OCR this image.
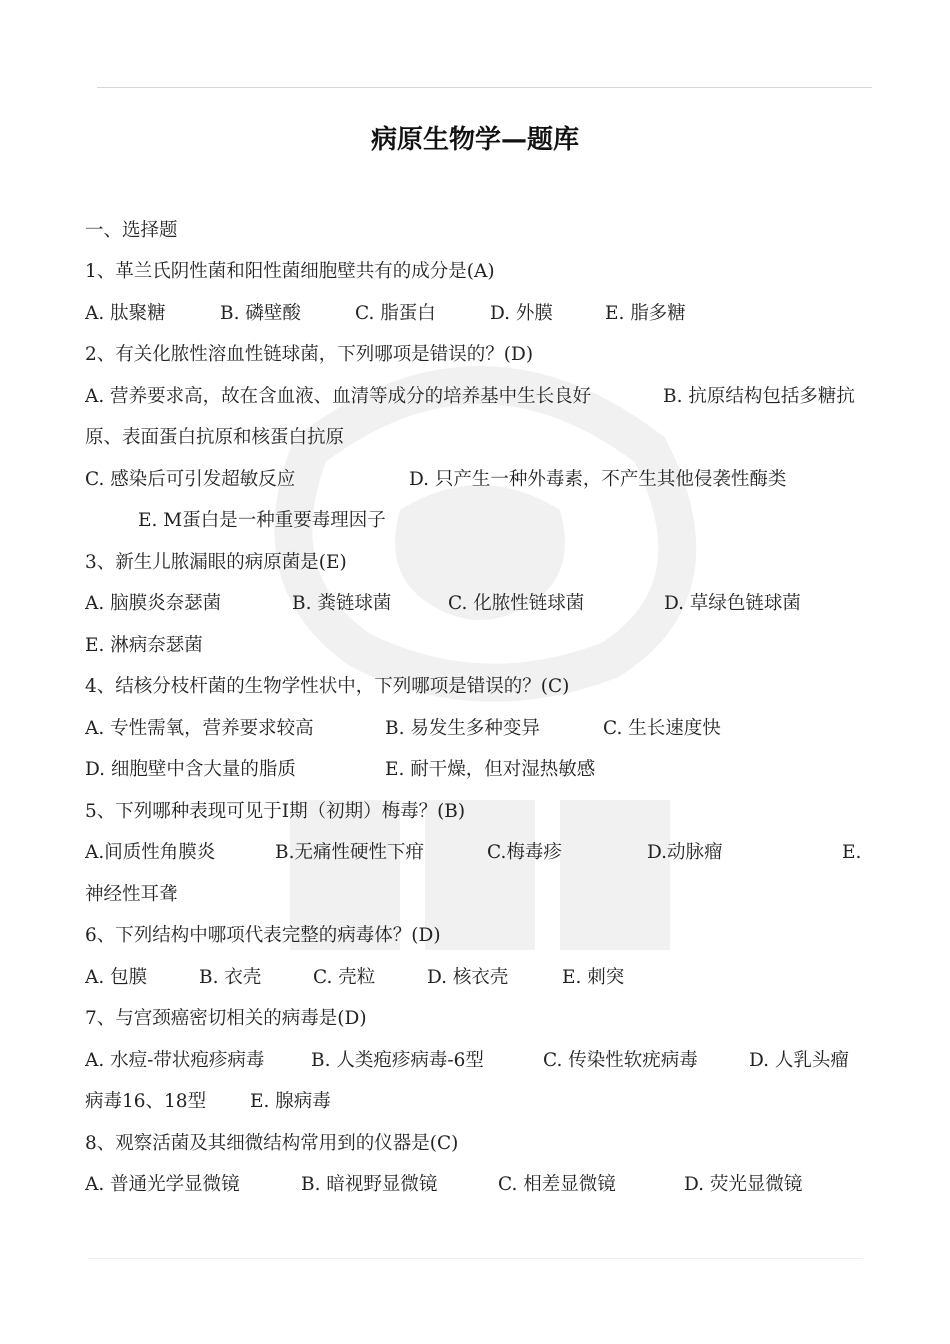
病原生物学—题库
一、选择题
1、革兰氏阴性菌和阳性菌细胞壁共有的成分是(A)
A. 肽聚糖	B. 磷壁酸	C. 脂蛋白	D. 外膜	E. 脂多糖
2、有关化脓性溶血性链球菌，下列哪项是错误的？(D)
A. 营养要求高，故在含血液、血清等成分的培养基中生长良好	B. 抗原结构包括多糖抗
原、表面蛋白抗原和核蛋白抗原
C. 感染后可引发超敏反应	D. 只产生一种外毒素，不产生其他侵袭性酶类
E. M蛋白是一种重要毒理因子
3、新生儿脓漏眼的病原菌是(E)
A. 脑膜炎奈瑟菌	B. 粪链球菌	C. 化脓性链球菌	D. 草绿色链球菌
E. 淋病奈瑟菌
4、结核分枝杆菌的生物学性状中，下列哪项是错误的？(C)
A. 专性需氧，营养要求较高	B. 易发生多种变异	C. 生长速度快
D. 细胞壁中含大量的脂质	E. 耐干燥，但对湿热敏感
5、下列哪种表现可见于Ⅰ期（初期）梅毒？(B)
A.间质性角膜炎	B.无痛性硬性下疳	C.梅毒疹	D.动脉瘤	E.
神经性耳聋
6、下列结构中哪项代表完整的病毒体？(D)
A. 包膜	B. 衣壳	C. 壳粒	D. 核衣壳	E. 刺突
7、与宫颈癌密切相关的病毒是(D)
A. 水痘-带状疱疹病毒	B. 人类疱疹病毒-6型	C. 传染性软疣病毒	D. 人乳头瘤
病毒16、18型	E. 腺病毒
8、观察活菌及其细微结构常用到的仪器是(C)
A. 普通光学显微镜	B. 暗视野显微镜	C. 相差显微镜	D. 荧光显微镜
